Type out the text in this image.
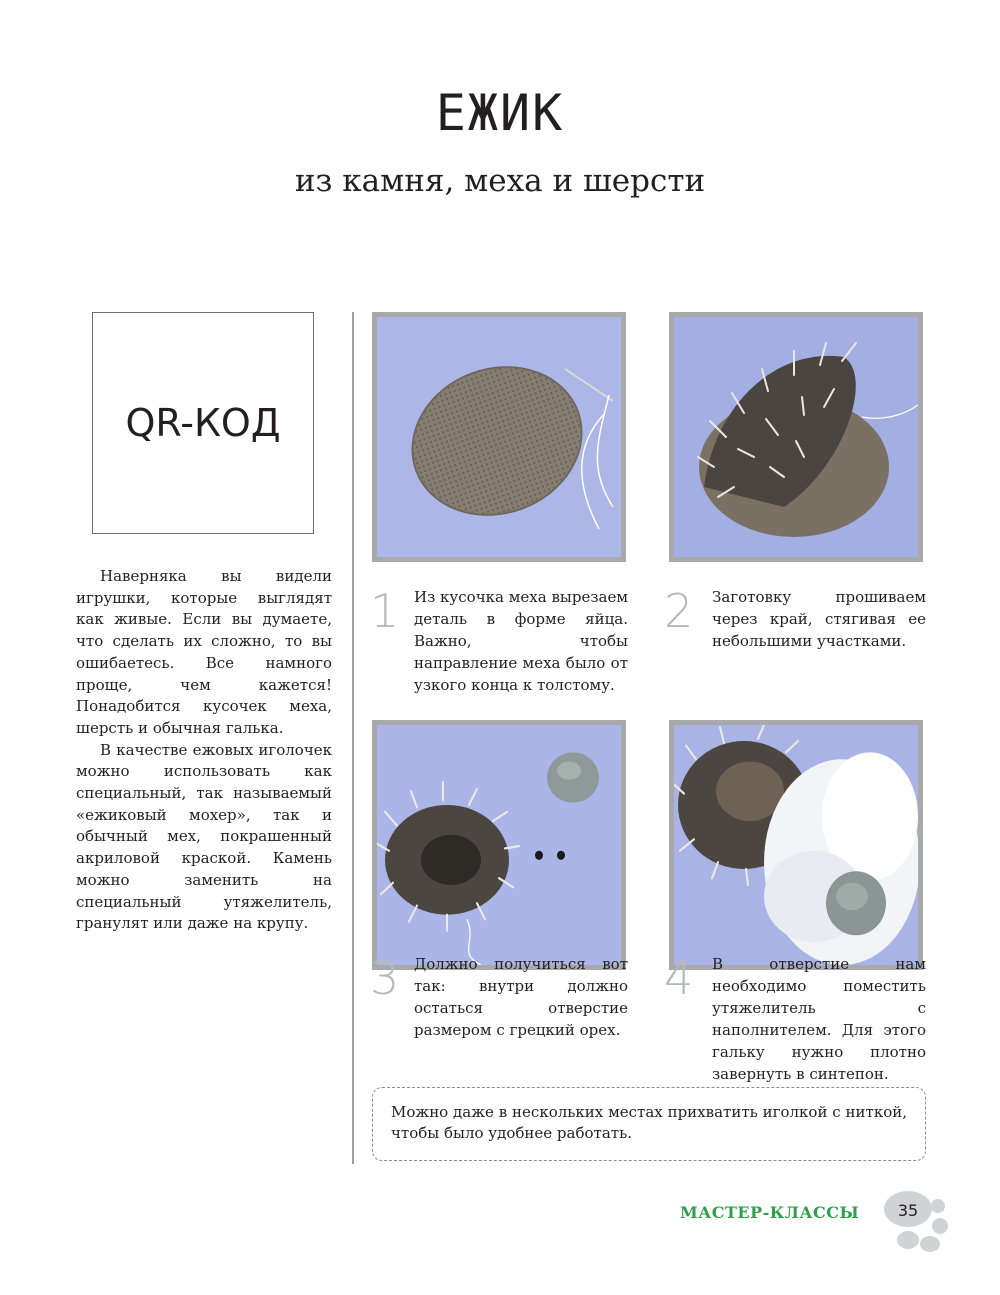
ЕЖИК
из камня, меха и шерсти
QR-КОД

Наверняка вы видели игрушки, которые выглядят как живые. Если вы думаете, что сделать их сложно, то вы ошибаетесь. Все намного проще, чем кажется! Понадобится кусочек меха, шерсть и обычная галька.

В качестве ежовых иголочек можно использовать как специальный, так называемый «ежиковый мохер», так и обычный мех, покрашенный акриловой краской. Камень можно заменить на специальный утяжелитель, гранулят или даже на крупу.

1 Из кусочка меха вырезаем деталь в форме яйца. Важно, чтобы направление меха было от узкого конца к толстому.
2 Заготовку прошиваем через край, стягивая ее небольшими участками.
3 Должно получиться вот так: внутри должно остаться отверстие размером с грецкий орех.
4 В отверстие нам необходимо поместить утяжелитель с наполнителем. Для этого гальку нужно плотно завернуть в синтепон.
Можно даже в нескольких местах прихватить иголкой с ниткой, чтобы было удобнее работать.
МАСТЕР-КЛАССЫ	35
